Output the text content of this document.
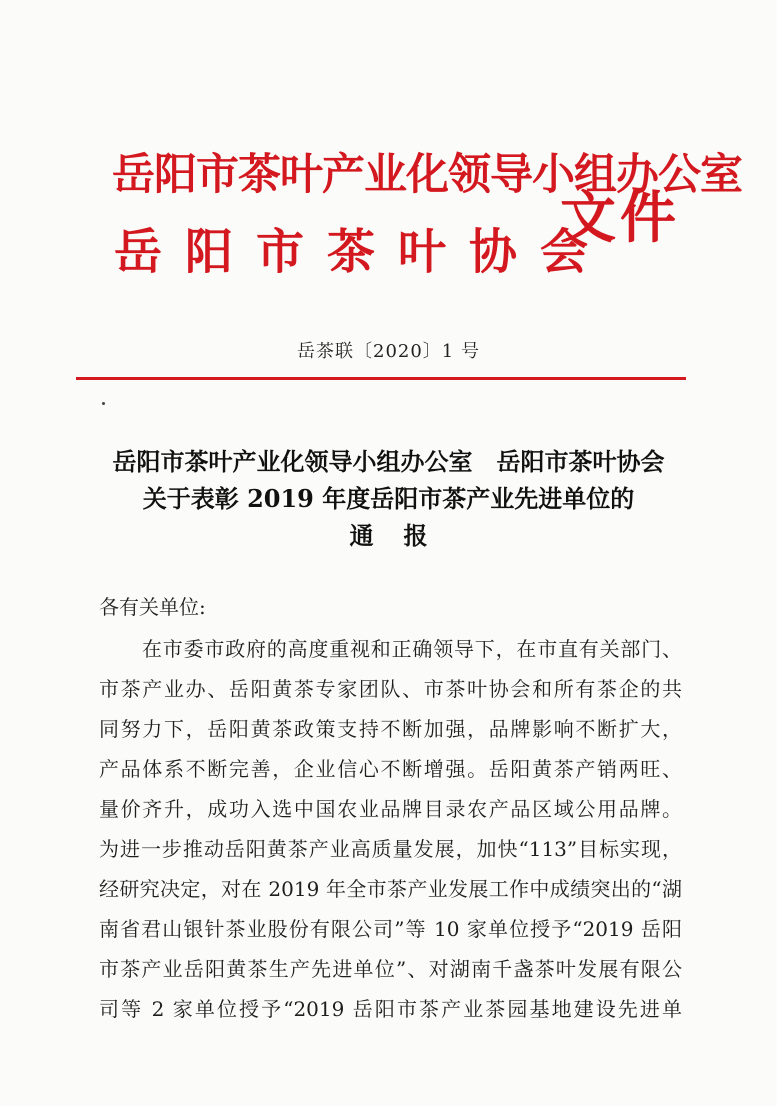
岳阳市茶叶产业化领导小组办公室
岳阳市茶叶协会
文件
岳茶联〔2020〕1 号
岳阳市茶叶产业化领导小组办公室　岳阳市茶叶协会
关于表彰 2019 年度岳阳市茶产业先进单位的
通报
各有关单位:
在市委市政府的高度重视和正确领导下，在市直有关部门、
市茶产业办、岳阳黄茶专家团队、市茶叶协会和所有茶企的共
同努力下，岳阳黄茶政策支持不断加强，品牌影响不断扩大，
产品体系不断完善，企业信心不断增强。岳阳黄茶产销两旺、
量价齐升，成功入选中国农业品牌目录农产品区域公用品牌。
为进一步推动岳阳黄茶产业高质量发展，加快“113”目标实现，
经研究决定，对在 2019 年全市茶产业发展工作中成绩突出的“湖
南省君山银针茶业股份有限公司”等 10 家单位授予“2019 岳阳
市茶产业岳阳黄茶生产先进单位”、对湖南千盏茶叶发展有限公
司等 2 家单位授予“2019 岳阳市茶产业茶园基地建设先进单
